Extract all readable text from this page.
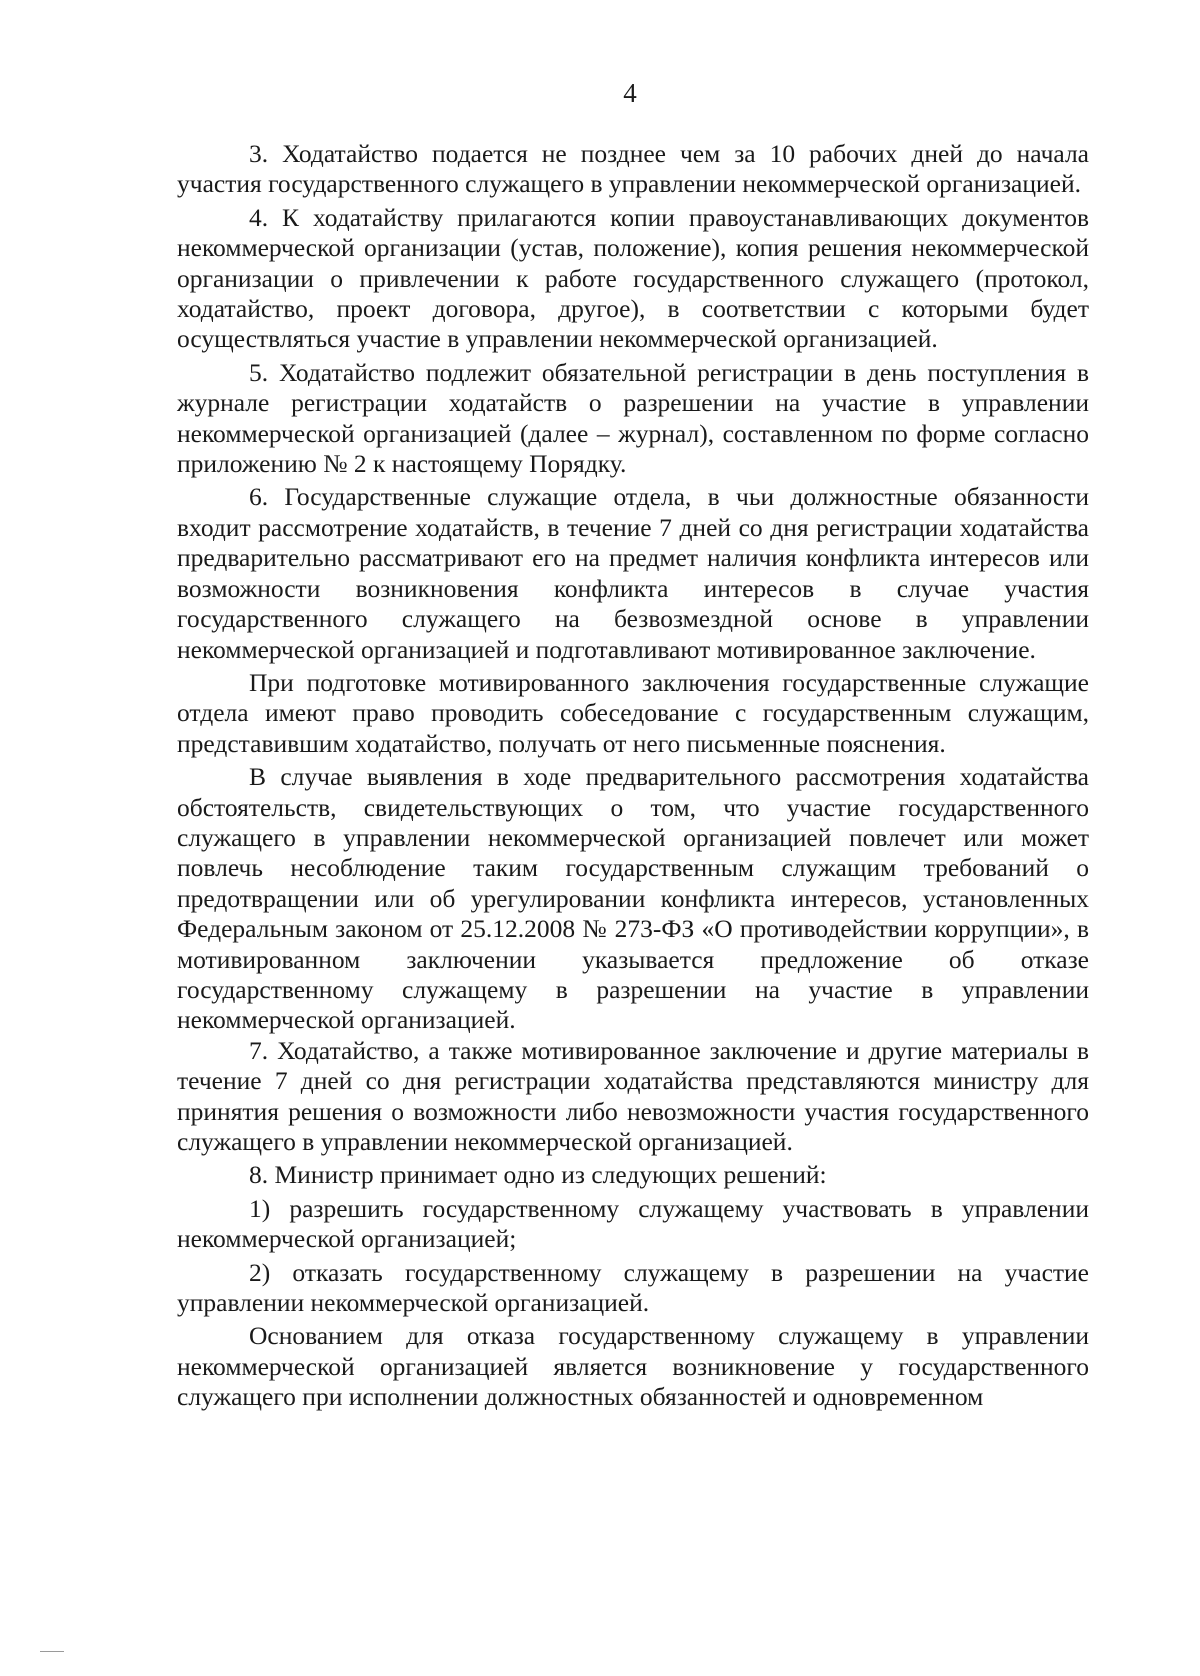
4

3. Ходатайство подается не позднее чем за 10 рабочих дней до начала участия государственного служащего в управлении некоммерческой организацией.

4. К ходатайству прилагаются копии правоустанавливающих документов некоммерческой организации (устав, положение), копия решения некоммерческой организации о привлечении к работе государственного служащего (протокол, ходатайство, проект договора, другое), в соответствии с которыми будет осуществляться участие в управлении некоммерческой организацией.

5. Ходатайство подлежит обязательной регистрации в день поступления в журнале регистрации ходатайств о разрешении на участие в управлении некоммерческой организацией (далее – журнал), составленном по форме согласно приложению № 2 к настоящему Порядку.

6. Государственные служащие отдела, в чьи должностные обязанности входит рассмотрение ходатайств, в течение 7 дней со дня регистрации ходатайства предварительно рассматривают его на предмет наличия конфликта интересов или возможности возникновения конфликта интересов в случае участия государственного служащего на безвозмездной основе в управлении некоммерческой организацией и подготавливают мотивированное заключение.

При подготовке мотивированного заключения государственные служащие отдела имеют право проводить собеседование с государственным служащим, представившим ходатайство, получать от него письменные пояснения.

В случае выявления в ходе предварительного рассмотрения ходатайства обстоятельств, свидетельствующих о том, что участие государственного служащего в управлении некоммерческой организацией повлечет или может повлечь несоблюдение таким государственным служащим требований о предотвращении или об урегулировании конфликта интересов, установленных Федеральным законом от 25.12.2008 № 273-ФЗ «О противодействии коррупции», в мотивированном заключении указывается предложение об отказе государственному служащему в разрешении на участие в управлении некоммерческой организацией.

7. Ходатайство, а также мотивированное заключение и другие материалы в течение 7 дней со дня регистрации ходатайства представляются министру для принятия решения о возможности либо невозможности участия государственного служащего в управлении некоммерческой организацией.

8. Министр принимает одно из следующих решений:

1) разрешить государственному служащему участвовать в управлении некоммерческой организацией;

2) отказать государственному служащему в разрешении на участие управлении некоммерческой организацией.

Основанием для отказа государственному служащему в управлении некоммерческой организацией является возникновение у государственного служащего при исполнении должностных обязанностей и одновременном
